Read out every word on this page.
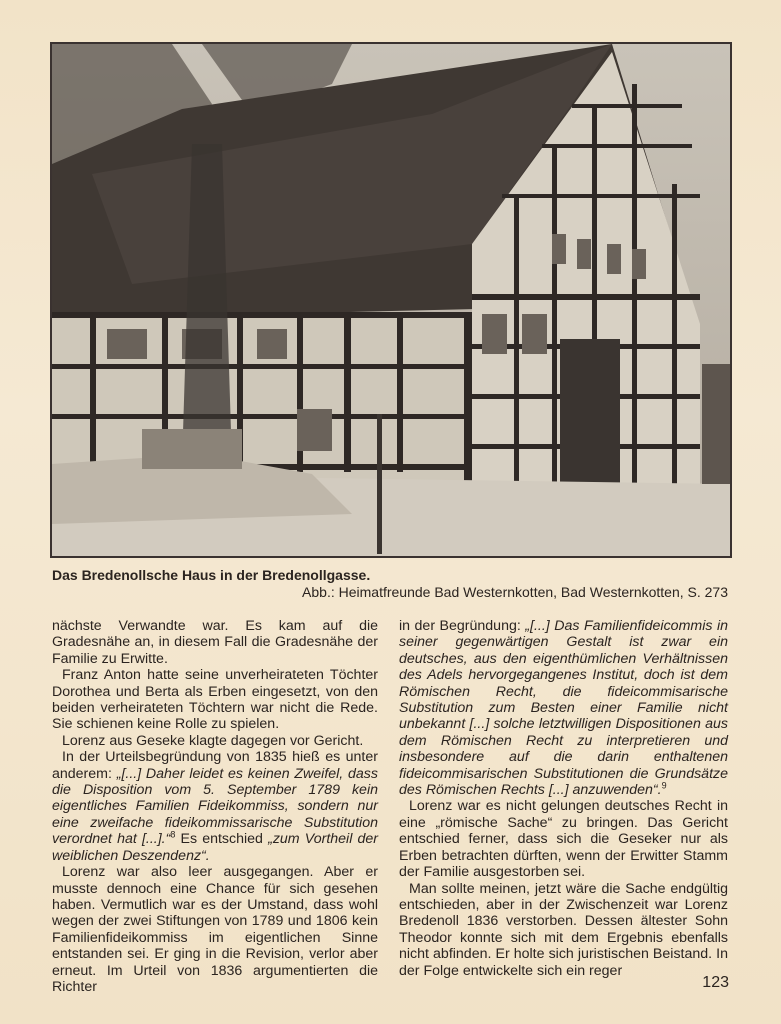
Das Bredenollsche Haus in der Bredenollgasse.
Abb.: Heimatfreunde Bad Westernkotten, Bad Westernkotten, S. 273

nächste Verwandte war. Es kam auf die Gradesnähe an, in diesem Fall die Gradesnähe der Familie zu Erwitte.

Franz Anton hatte seine unverheirateten Töchter Dorothea und Berta als Erben eingesetzt, von den beiden verheirateten Töchtern war nicht die Rede. Sie schienen keine Rolle zu spielen.

Lorenz aus Geseke klagte dagegen vor Gericht.

In der Urteilsbegründung von 1835 hieß es unter anderem: „[...] Daher leidet es keinen Zweifel, dass die Disposition vom 5. September 1789 kein eigentliches Familien Fideikommiss, sondern nur eine zweifache fideikommissarische Substitution verordnet hat [...].“$^8$ Es entschied „zum Vortheil der weiblichen Deszendenz“.

Lorenz war also leer ausgegangen. Aber er musste dennoch eine Chance für sich gesehen haben. Vermutlich war es der Umstand, dass wohl wegen der zwei Stiftungen von 1789 und 1806 kein Familienfideikommiss im eigentlichen Sinne entstanden sei. Er ging in die Revision, verlor aber erneut. Im Urteil von 1836 argumentierten die Richter

in der Begründung: „[...] Das Familienfideicommis in seiner gegenwärtigen Gestalt ist zwar ein deutsches, aus den eigenthümlichen Verhältnissen des Adels hervorgegangenes Institut, doch ist dem Römischen Recht, die fideicommisarische Substitution zum Besten einer Familie nicht unbekannt [...] solche letztwilligen Dispositionen aus dem Römischen Recht zu interpretieren und insbesondere auf die darin enthaltenen fideicommisarischen Substitutionen die Grundsätze des Römischen Rechts [...] anzuwenden“.$^9$

Lorenz war es nicht gelungen deutsches Recht in eine „römische Sache“ zu bringen. Das Gericht entschied ferner, dass sich die Geseker nur als Erben betrachten dürften, wenn der Erwitter Stamm der Familie ausgestorben sei.

Man sollte meinen, jetzt wäre die Sache endgültig entschieden, aber in der Zwischenzeit war Lorenz Bredenoll 1836 verstorben. Dessen ältester Sohn Theodor konnte sich mit dem Ergebnis ebenfalls nicht abfinden. Er holte sich juristischen Beistand. In der Folge entwickelte sich ein reger

123
